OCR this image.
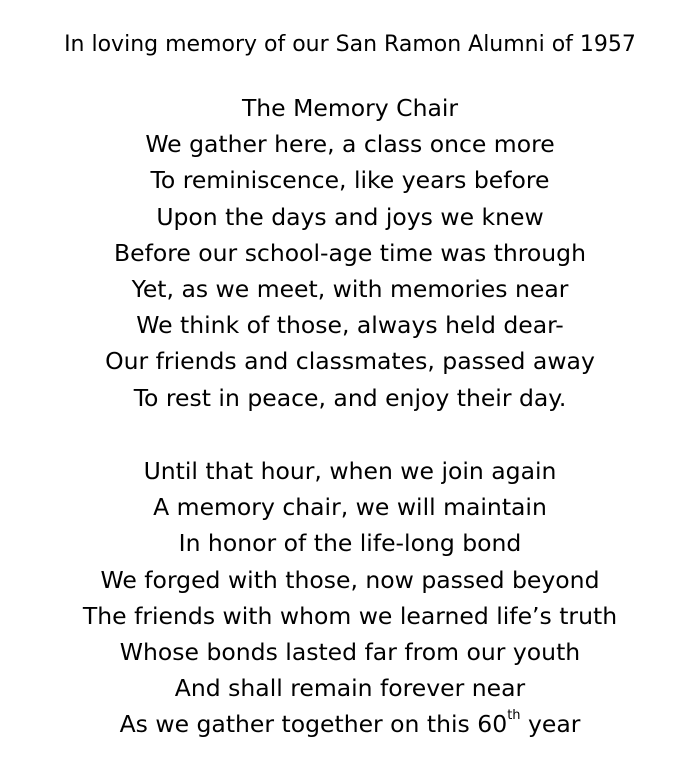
In loving memory of our San Ramon Alumni of 1957
The Memory Chair
We gather here, a class once more
To reminiscence, like years before
Upon the days and joys we knew
Before our school-age time was through
Yet, as we meet, with memories near
We think of those, always held dear-
Our friends and classmates, passed away
To rest in peace, and enjoy their day.
Until that hour, when we join again
A memory chair, we will maintain
In honor of the life-long bond
We forged with those, now passed beyond
The friends with whom we learned life’s truth
Whose bonds lasted far from our youth
And shall remain forever near
As we gather together on this 60th year
